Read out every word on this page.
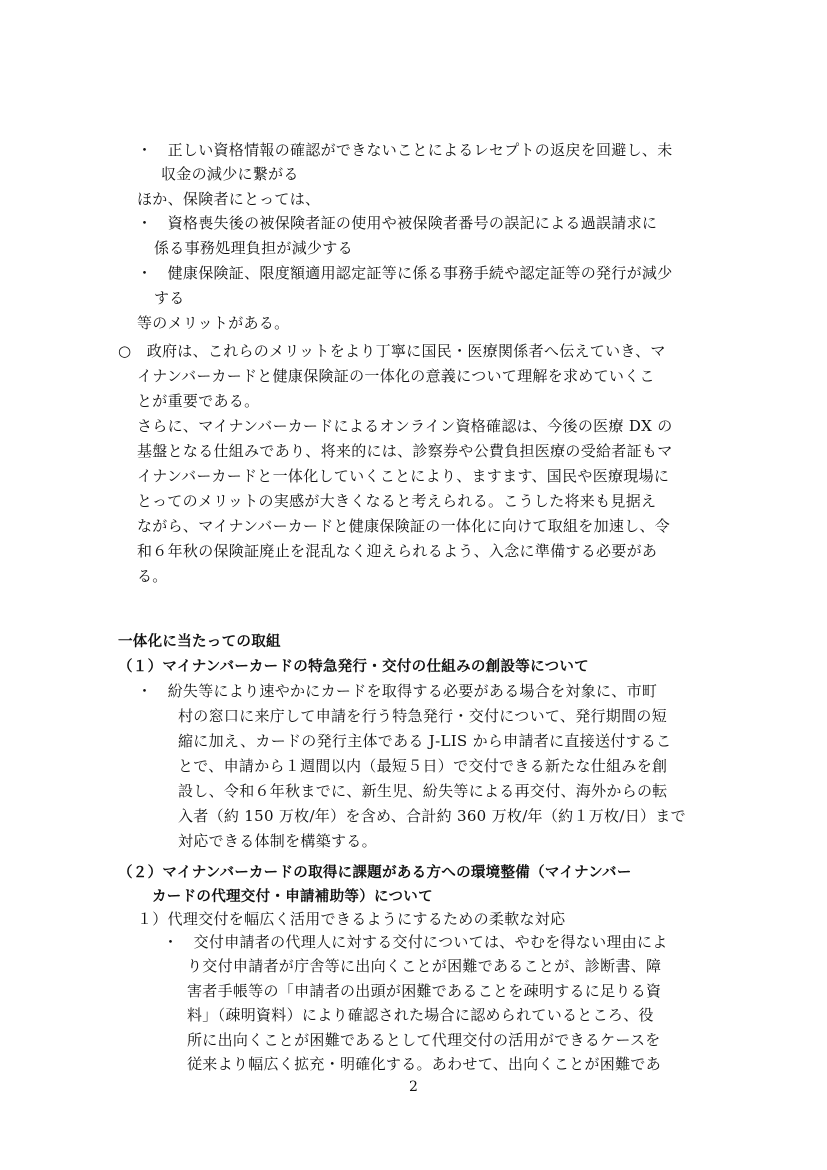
・　正しい資格情報の確認ができないことによるレセプトの返戻を回避し、未
収金の減少に繋がる
ほか、保険者にとっては、
・　資格喪失後の被保険者証の使用や被保険者番号の誤記による過誤請求に
係る事務処理負担が減少する
・　健康保険証、限度額適用認定証等に係る事務手続や認定証等の発行が減少
する
等のメリットがある。
○　政府は、これらのメリットをより丁寧に国民・医療関係者へ伝えていき、マ
イナンバーカードと健康保険証の一体化の意義について理解を求めていくこ
とが重要である。
さらに、マイナンバーカードによるオンライン資格確認は、今後の医療 DX の
基盤となる仕組みであり、将来的には、診察券や公費負担医療の受給者証もマ
イナンバーカードと一体化していくことにより、ますます、国民や医療現場に
とってのメリットの実感が大きくなると考えられる。こうした将来も見据え
ながら、マイナンバーカードと健康保険証の一体化に向けて取組を加速し、令
和６年秋の保険証廃止を混乱なく迎えられるよう、入念に準備する必要があ
る。
一体化に当たっての取組
（１）マイナンバーカードの特急発行・交付の仕組みの創設等について
・　紛失等により速やかにカードを取得する必要がある場合を対象に、市町
村の窓口に来庁して申請を行う特急発行・交付について、発行期間の短
縮に加え、カードの発行主体である J-LIS から申請者に直接送付するこ
とで、申請から１週間以内（最短５日）で交付できる新たな仕組みを創
設し、令和６年秋までに、新生児、紛失等による再交付、海外からの転
入者（約 150 万枚/年）を含め、合計約 360 万枚/年（約１万枚/日）まで
対応できる体制を構築する。
（２）マイナンバーカードの取得に課題がある方への環境整備（マイナンバー
カードの代理交付・申請補助等）について
１）代理交付を幅広く活用できるようにするための柔軟な対応
・　交付申請者の代理人に対する交付については、やむを得ない理由によ
り交付申請者が庁舎等に出向くことが困難であることが、診断書、障
害者手帳等の「申請者の出頭が困難であることを疎明するに足りる資
料」（疎明資料）により確認された場合に認められているところ、役
所に出向くことが困難であるとして代理交付の活用ができるケースを
従来より幅広く拡充・明確化する。あわせて、出向くことが困難であ
2
